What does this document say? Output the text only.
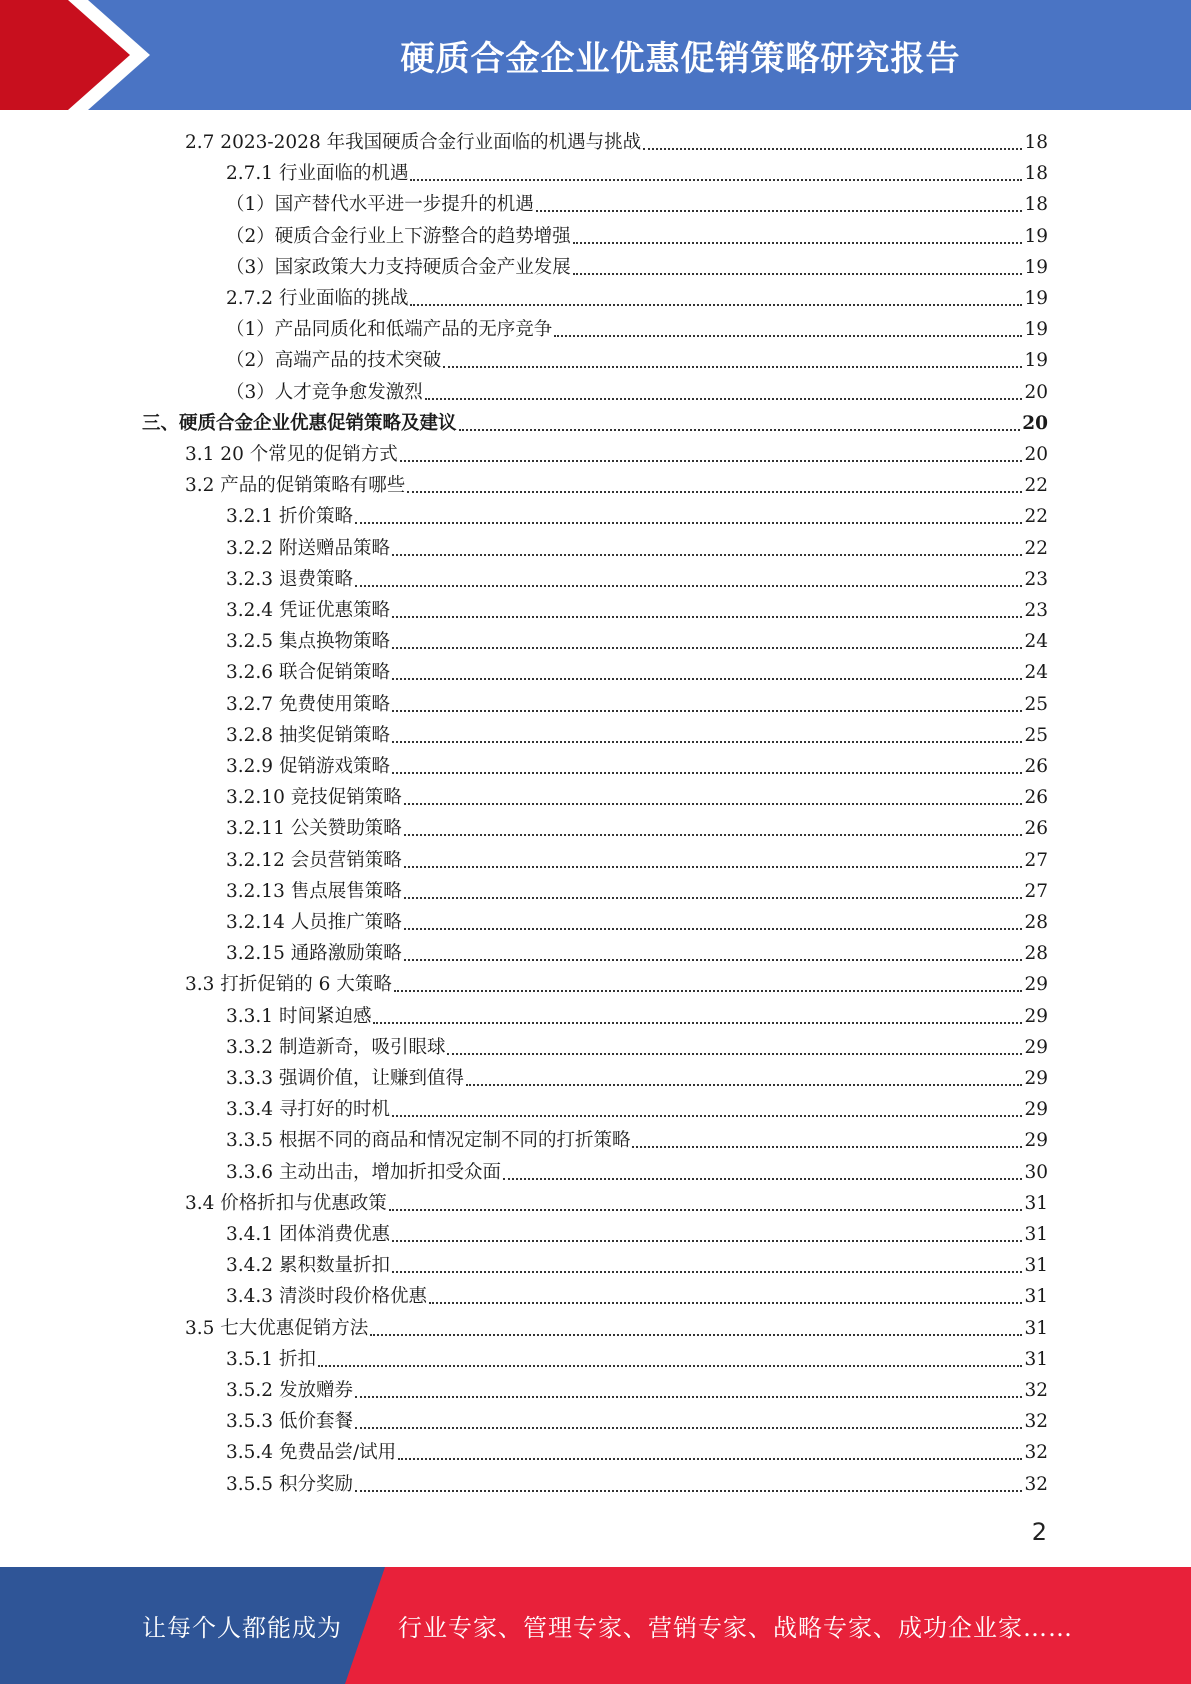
硬质合金企业优惠促销策略研究报告
2.7 2023-2028 年我国硬质合金行业面临的机遇与挑战	18
2.7.1 行业面临的机遇	18
（1）国产替代水平进一步提升的机遇	18
（2）硬质合金行业上下游整合的趋势增强	19
（3）国家政策大力支持硬质合金产业发展	19
2.7.2 行业面临的挑战	19
（1）产品同质化和低端产品的无序竞争	19
（2）高端产品的技术突破	19
（3）人才竞争愈发激烈	20
三、硬质合金企业优惠促销策略及建议	20
3.1 20 个常见的促销方式	20
3.2 产品的促销策略有哪些	22
3.2.1 折价策略	22
3.2.2 附送赠品策略	22
3.2.3 退费策略	23
3.2.4 凭证优惠策略	23
3.2.5 集点换物策略	24
3.2.6 联合促销策略	24
3.2.7 免费使用策略	25
3.2.8 抽奖促销策略	25
3.2.9 促销游戏策略	26
3.2.10 竞技促销策略	26
3.2.11 公关赞助策略	26
3.2.12 会员营销策略	27
3.2.13 售点展售策略	27
3.2.14 人员推广策略	28
3.2.15 通路激励策略	28
3.3 打折促销的 6 大策略	29
3.3.1 时间紧迫感	29
3.3.2 制造新奇，吸引眼球	29
3.3.3 强调价值，让赚到值得	29
3.3.4 寻打好的时机	29
3.3.5 根据不同的商品和情况定制不同的打折策略	29
3.3.6 主动出击，增加折扣受众面	30
3.4 价格折扣与优惠政策	31
3.4.1 团体消费优惠	31
3.4.2 累积数量折扣	31
3.4.3 清淡时段价格优惠	31
3.5 七大优惠促销方法	31
3.5.1 折扣	31
3.5.2 发放赠券	32
3.5.3 低价套餐	32
3.5.4 免费品尝/试用	32
3.5.5 积分奖励	32
2
让每个人都能成为 行业专家、管理专家、营销专家、战略专家、成功企业家……
